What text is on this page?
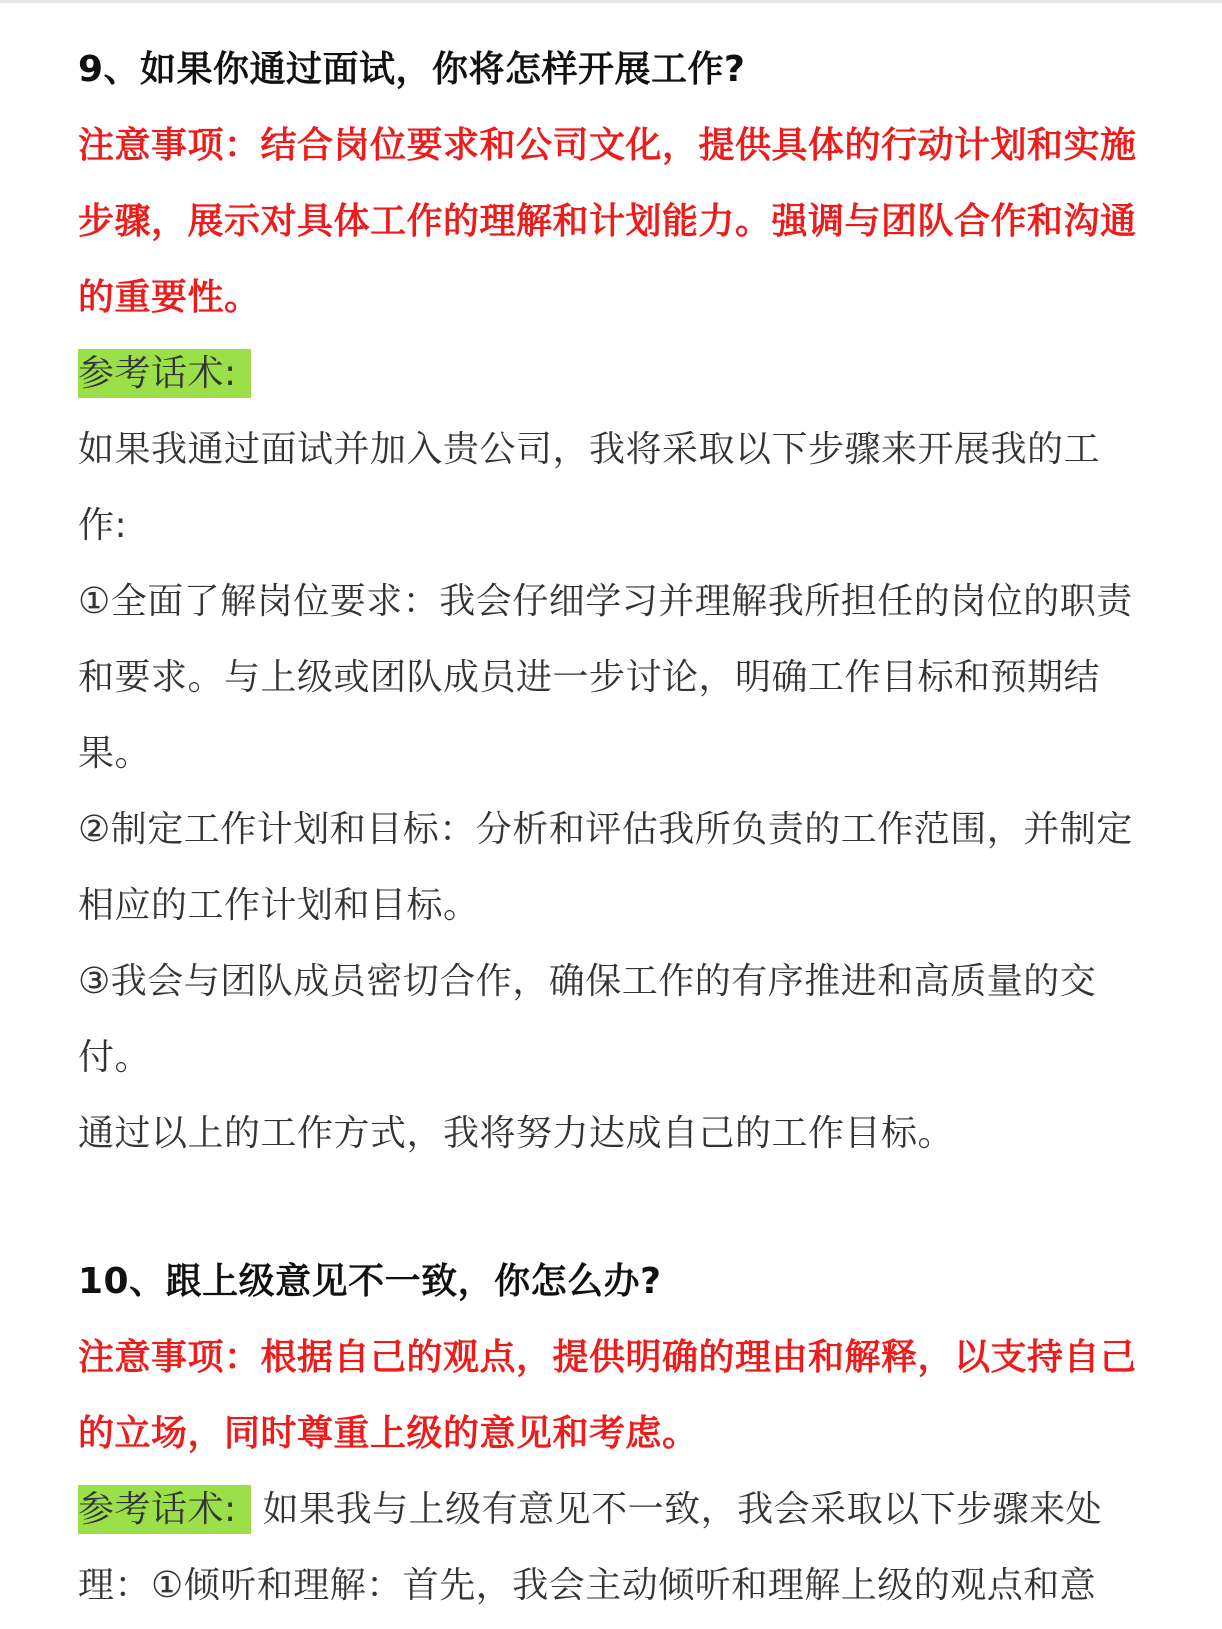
9、如果你通过面试，你将怎样开展工作?
注意事项：结合岗位要求和公司文化，提供具体的行动计划和实施
步骤，展示对具体工作的理解和计划能力。强调与团队合作和沟通
的重要性。
参考话术:
如果我通过面试并加入贵公司，我将采取以下步骤来开展我的工
作:
①全面了解岗位要求：我会仔细学习并理解我所担任的岗位的职责
和要求。与上级或团队成员进一步讨论，明确工作目标和预期结
果。
②制定工作计划和目标：分析和评估我所负责的工作范围，并制定
相应的工作计划和目标。
③我会与团队成员密切合作，确保工作的有序推进和高质量的交
付。
通过以上的工作方式，我将努力达成自己的工作目标。
10、跟上级意见不一致，你怎么办?
注意事项：根据自己的观点，提供明确的理由和解释，以支持自己
的立场，同时尊重上级的意见和考虑。
参考话术: 如果我与上级有意见不一致，我会采取以下步骤来处
理：①倾听和理解：首先，我会主动倾听和理解上级的观点和意
